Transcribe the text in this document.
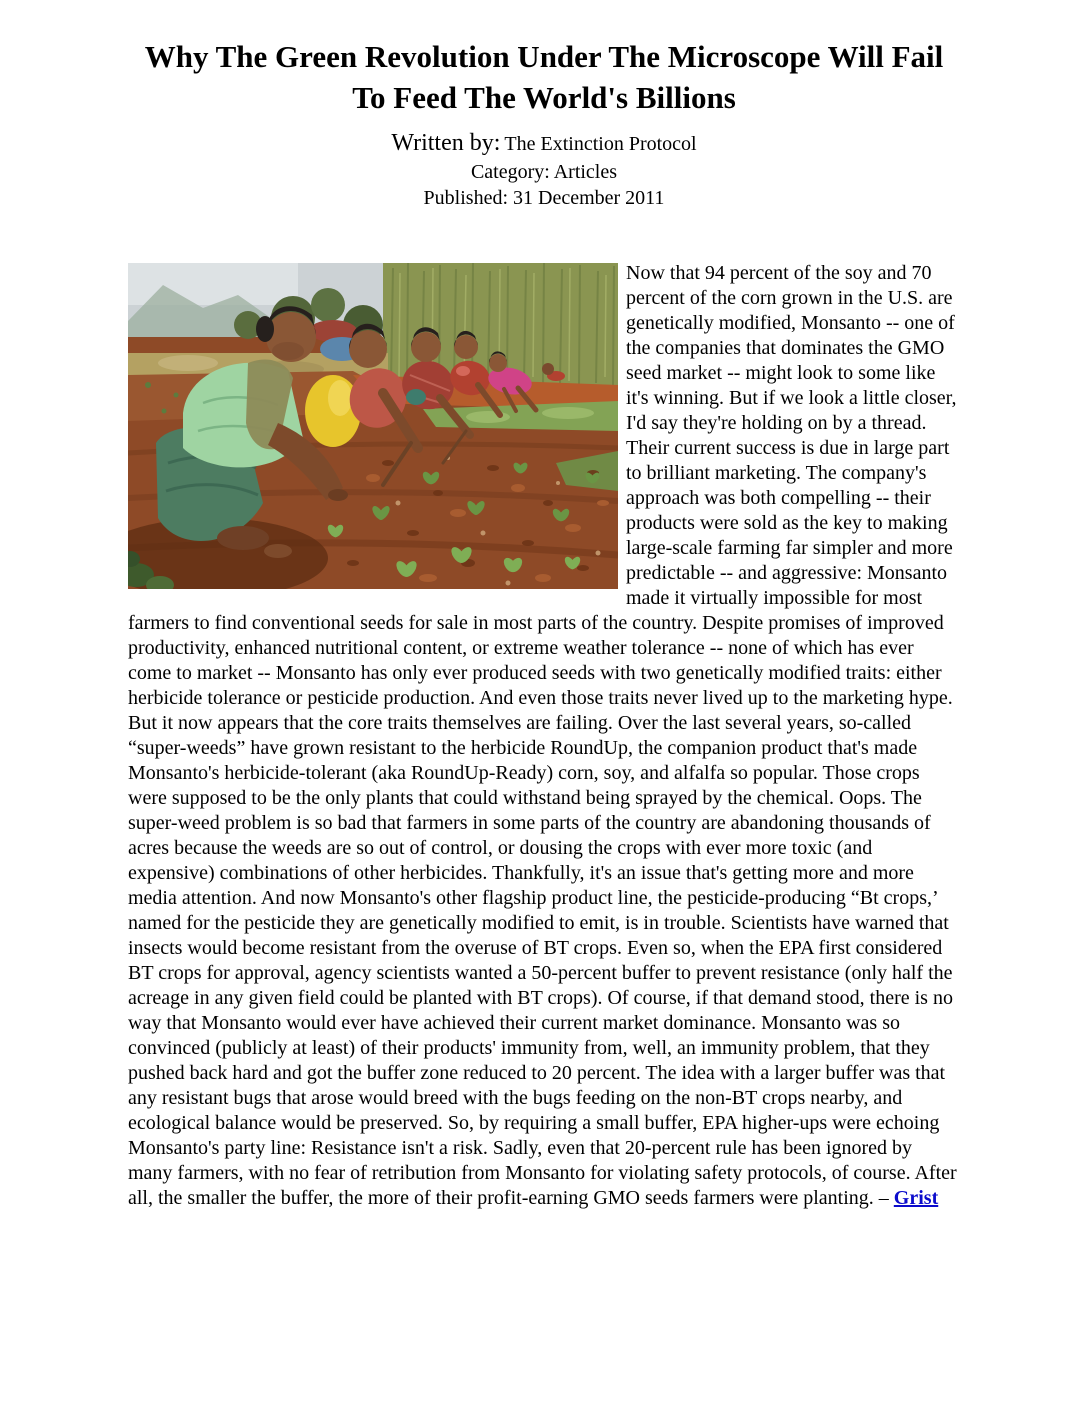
Why The Green Revolution Under The Microscope Will Fail
To Feed The World's Billions
Written by: The Extinction Protocol
Category: Articles
Published: 31 December 2011

Now that 94 percent of the soy and 70 percent of the corn grown in the U.S. are genetically modified, Monsanto -- one of the companies that dominates the GMO seed market -- might look to some like it's winning. But if we look a little closer, I'd say they're holding on by a thread. Their current success is due in large part to brilliant marketing. The company's approach was both compelling -- their products were sold as the key to making large-scale farming far simpler and more predictable -- and aggressive: Monsanto made it virtually impossible for most farmers to find conventional seeds for sale in most parts of the country. Despite promises of improved productivity, enhanced nutritional content, or extreme weather tolerance -- none of which has ever come to market -- Monsanto has only ever produced seeds with two genetically modified traits: either herbicide tolerance or pesticide production. And even those traits never lived up to the marketing hype. But it now appears that the core traits themselves are failing. Over the last several years, so-called “super-weeds” have grown resistant to the herbicide RoundUp, the companion product that's made Monsanto's herbicide-tolerant (aka RoundUp-Ready) corn, soy, and alfalfa so popular. Those crops were supposed to be the only plants that could withstand being sprayed by the chemical. Oops. The super-weed problem is so bad that farmers in some parts of the country are abandoning thousands of acres because the weeds are so out of control, or dousing the crops with ever more toxic (and expensive) combinations of other herbicides. Thankfully, it's an issue that's getting more and more media attention. And now Monsanto's other flagship product line, the pesticide-producing “Bt crops,’ named for the pesticide they are genetically modified to emit, is in trouble. Scientists have warned that insects would become resistant from the overuse of BT crops. Even so, when the EPA first considered BT crops for approval, agency scientists wanted a 50-percent buffer to prevent resistance (only half the acreage in any given field could be planted with BT crops). Of course, if that demand stood, there is no way that Monsanto would ever have achieved their current market dominance. Monsanto was so convinced (publicly at least) of their products' immunity from, well, an immunity problem, that they pushed back hard and got the buffer zone reduced to 20 percent. The idea with a larger buffer was that any resistant bugs that arose would breed with the bugs feeding on the non-BT crops nearby, and ecological balance would be preserved. So, by requiring a small buffer, EPA higher-ups were echoing Monsanto's party line: Resistance isn't a risk. Sadly, even that 20-percent rule has been ignored by many farmers, with no fear of retribution from Monsanto for violating safety protocols, of course. After all, the smaller the buffer, the more of their profit-earning GMO seeds farmers were planting. – Grist
